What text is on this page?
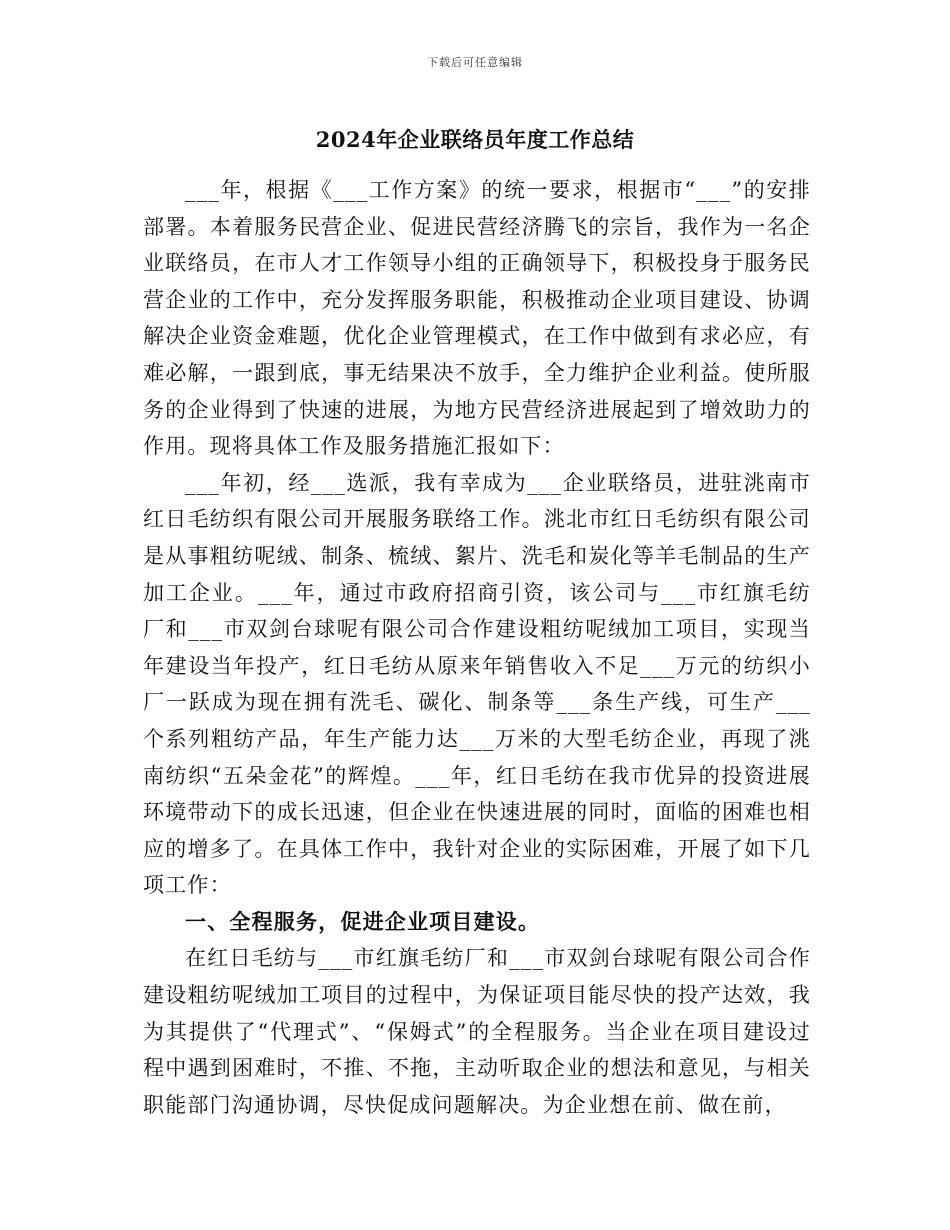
下载后可任意编辑
2024年企业联络员年度工作总结

___年，根据《___工作方案》的统一要求，根据市“___”的安排部署。本着服务民营企业、促进民营经济腾飞的宗旨，我作为一名企业联络员，在市人才工作领导小组的正确领导下，积极投身于服务民营企业的工作中，充分发挥服务职能，积极推动企业项目建设、协调解决企业资金难题，优化企业管理模式，在工作中做到有求必应，有难必解，一跟到底，事无结果决不放手，全力维护企业利益。使所服务的企业得到了快速的进展，为地方民营经济进展起到了增效助力的作用。现将具体工作及服务措施汇报如下：

___年初，经___选派，我有幸成为___企业联络员，进驻洮南市红日毛纺织有限公司开展服务联络工作。洮北市红日毛纺织有限公司是从事粗纺呢绒、制条、梳绒、絮片、洗毛和炭化等羊毛制品的生产加工企业。___年，通过市政府招商引资，该公司与___市红旗毛纺厂和___市双剑台球呢有限公司合作建设粗纺呢绒加工项目，实现当年建设当年投产，红日毛纺从原来年销售收入不足___万元的纺织小厂一跃成为现在拥有洗毛、碳化、制条等___条生产线，可生产___个系列粗纺产品，年生产能力达___万米的大型毛纺企业，再现了洮南纺织“五朵金花”的辉煌。___年，红日毛纺在我市优异的投资进展环境带动下的成长迅速，但企业在快速进展的同时，面临的困难也相应的增多了。在具体工作中，我针对企业的实际困难，开展了如下几项工作：

一、全程服务，促进企业项目建设。

在红日毛纺与___市红旗毛纺厂和___市双剑台球呢有限公司合作建设粗纺呢绒加工项目的过程中，为保证项目能尽快的投产达效，我为其提供了“代理式”、“保姆式”的全程服务。当企业在项目建设过程中遇到困难时，不推、不拖，主动听取企业的想法和意见，与相关职能部门沟通协调，尽快促成问题解决。为企业想在前、做在前，
